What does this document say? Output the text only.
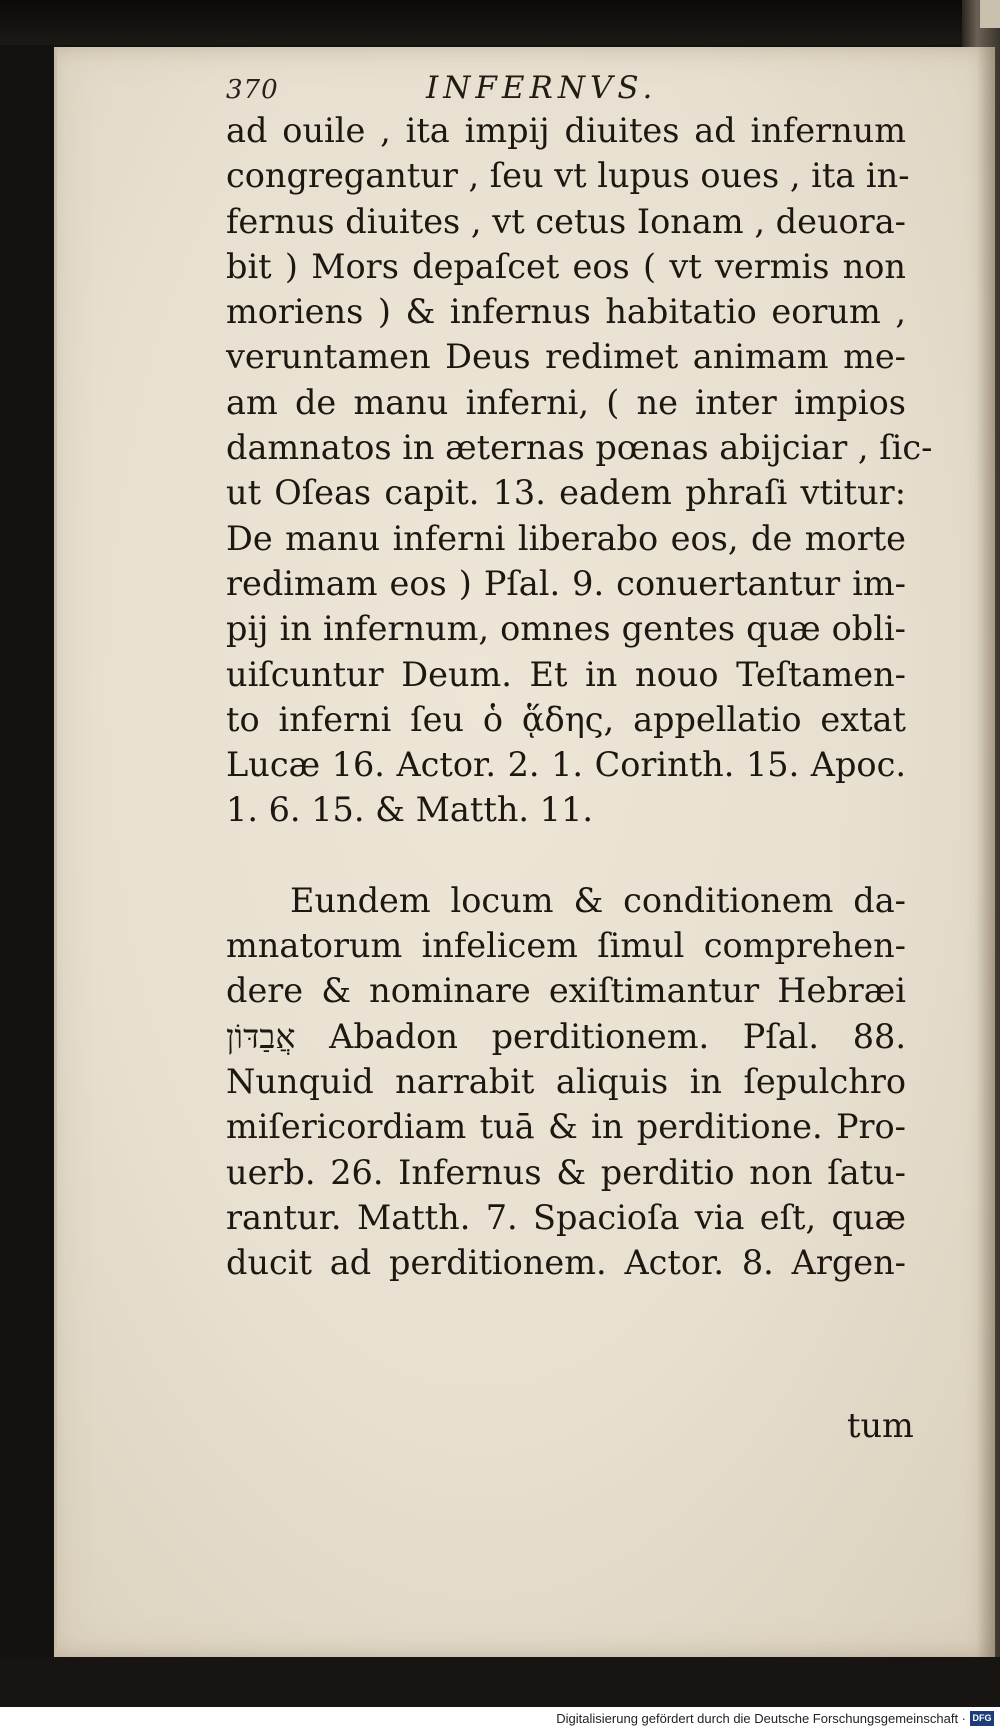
370	INFERNVS.
ad ouile , ita impij diuites ad infernum
congregantur , ſeu vt lupus oues , ita in-
fernus diuites , vt cetus Ionam , deuora-
bit ) Mors depaſcet eos ( vt vermis non
moriens ) & infernus habitatio eorum ,
veruntamen Deus redimet animam me-
am de manu inferni, ( ne inter impios
damnatos in æternas pœnas abijciar , ſic-
ut Oſeas capit. 13. eadem phraſi vtitur:
De manu inferni liberabo eos, de morte
redimam eos ) Pſal. 9. conuertantur im-
pij in infernum, omnes gentes quæ obli-
uiſcuntur Deum. Et in nouo Teſtamen-
to inferni ſeu ὁ ᾅδης, appellatio extat
Lucæ 16. Actor. 2. 1. Corinth. 15. Apoc.
1. 6. 15. & Matth. 11.
Eundem locum & conditionem da-
mnatorum infelicem ſimul comprehen-
dere & nominare exiſtimantur Hebræi
אֲבַדּוֹן Abadon perditionem. Pſal. 88.
Nunquid narrabit aliquis in ſepulchro
miſericordiam tuā & in perditione. Pro-
uerb. 26. Infernus & perditio non ſatu-
rantur. Matth. 7. Spacioſa via eſt, quæ
ducit ad perditionem. Actor. 8. Argen-
tum
Digitalisierung gefördert durch die Deutsche Forschungsgemeinschaft · DFG
